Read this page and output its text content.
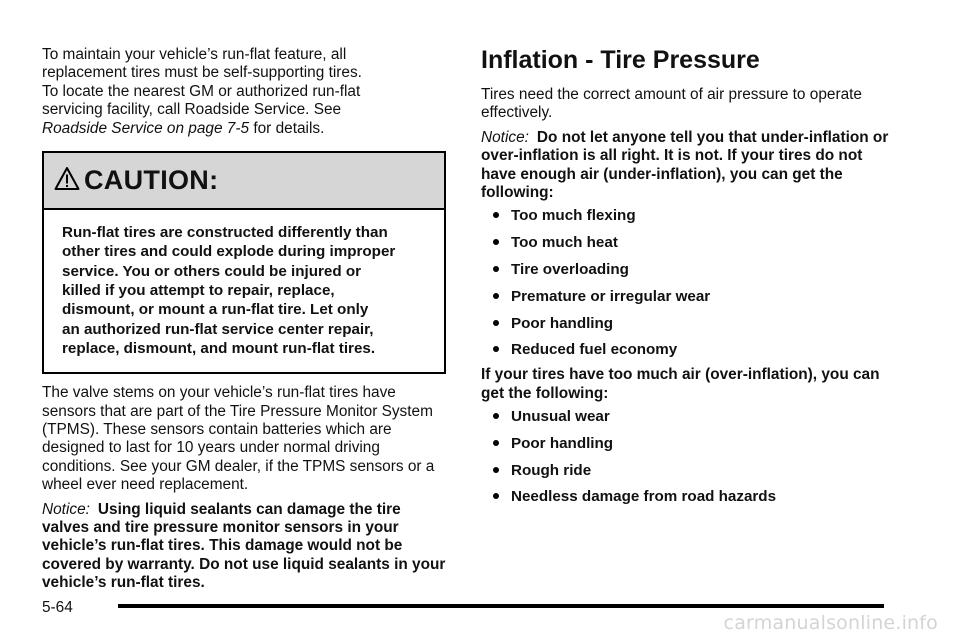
To maintain your vehicle’s run-flat feature, all
replacement tires must be self-supporting tires.
To locate the nearest GM or authorized run-flat
servicing facility, call Roadside Service. See
Roadside Service on page 7-5 for details.

CAUTION:
Run-flat tires are constructed differently than
other tires and could explode during improper
service. You or others could be injured or
killed if you attempt to repair, replace,
dismount, or mount a run-flat tire. Let only
an authorized run-flat service center repair,
replace, dismount, and mount run-flat tires.

The valve stems on your vehicle’s run-flat tires have sensors that are part of the Tire Pressure Monitor System (TPMS). These sensors contain batteries which are designed to last for 10 years under normal driving conditions. See your GM dealer, if the TPMS sensors or a wheel ever need replacement.

Notice: Using liquid sealants can damage the tire valves and tire pressure monitor sensors in your vehicle’s run-flat tires. This damage would not be covered by warranty. Do not use liquid sealants in your vehicle’s run-flat tires.

Inflation - Tire Pressure

Tires need the correct amount of air pressure to operate effectively.

Notice: Do not let anyone tell you that under-inflation or over-inflation is all right. It is not. If your tires do not have enough air (under-inflation), you can get the following:

Too much flexing
Too much heat
Tire overloading
Premature or irregular wear
Poor handling
Reduced fuel economy

If your tires have too much air (over-inflation), you can get the following:

Unusual wear
Poor handling
Rough ride
Needless damage from road hazards
5-64
carmanualsonline.info
